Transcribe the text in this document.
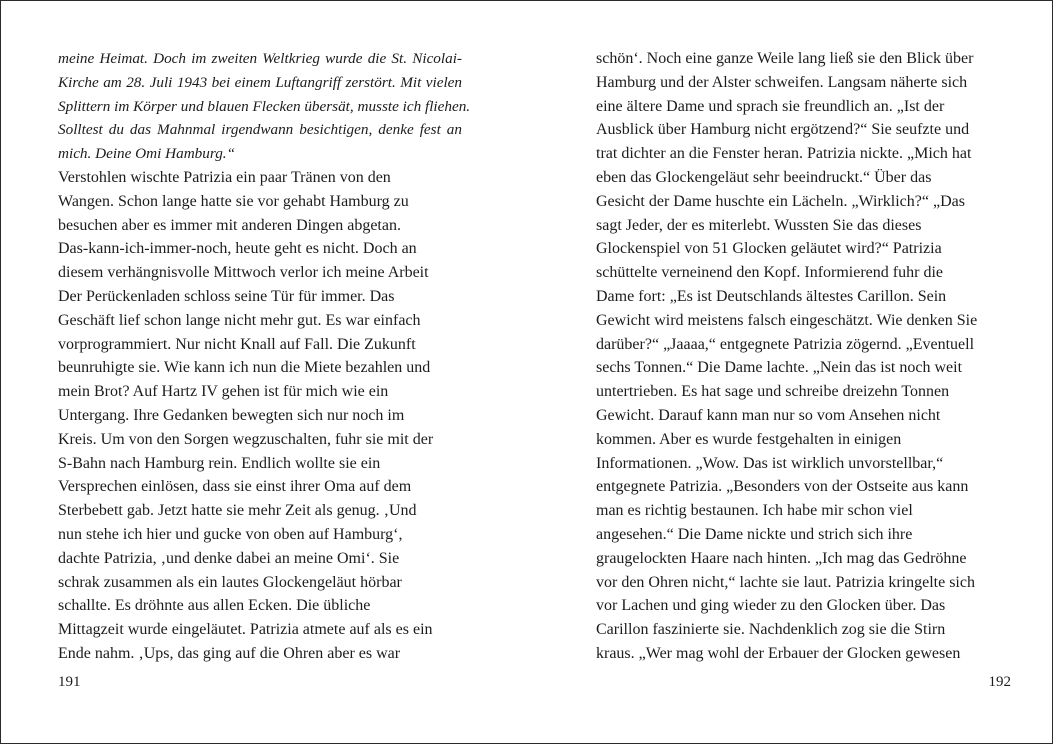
meine Heimat. Doch im zweiten Weltkrieg wurde die St. Nicolai-
Kirche am 28. Juli 1943 bei einem Luftangriff zerstört. Mit vielen
Splittern im Körper und blauen Flecken übersät, musste ich fliehen.
Solltest du das Mahnmal irgendwann besichtigen, denke fest an
mich. Deine Omi Hamburg.“
Verstohlen wischte Patrizia ein paar Tränen von den
Wangen. Schon lange hatte sie vor gehabt Hamburg zu
besuchen aber es immer mit anderen Dingen abgetan.
Das-kann-ich-immer-noch, heute geht es nicht. Doch an
diesem verhängnisvolle Mittwoch verlor ich meine Arbeit
Der Perückenladen schloss seine Tür für immer. Das
Geschäft lief schon lange nicht mehr gut. Es war einfach
vorprogrammiert. Nur nicht Knall auf Fall. Die Zukunft
beunruhigte sie. Wie kann ich nun die Miete bezahlen und
mein Brot? Auf Hartz IV gehen ist für mich wie ein
Untergang. Ihre Gedanken bewegten sich nur noch im
Kreis. Um von den Sorgen wegzuschalten, fuhr sie mit der
S-Bahn nach Hamburg rein. Endlich wollte sie ein
Versprechen einlösen, dass sie einst ihrer Oma auf dem
Sterbebett gab. Jetzt hatte sie mehr Zeit als genug. ‚Und
nun stehe ich hier und gucke von oben auf Hamburg‘,
dachte Patrizia, ‚und denke dabei an meine Omi‘. Sie
schrak zusammen als ein lautes Glockengeläut hörbar
schallte. Es dröhnte aus allen Ecken. Die übliche
Mittagzeit wurde eingeläutet. Patrizia atmete auf als es ein
Ende nahm. ‚Ups, das ging auf die Ohren aber es war
schön‘. Noch eine ganze Weile lang ließ sie den Blick über
Hamburg und der Alster schweifen. Langsam näherte sich
eine ältere Dame und sprach sie freundlich an. „Ist der
Ausblick über Hamburg nicht ergötzend?“ Sie seufzte und
trat dichter an die Fenster heran. Patrizia nickte. „Mich hat
eben das Glockengeläut sehr beeindruckt.“ Über das
Gesicht der Dame huschte ein Lächeln. „Wirklich?“ „Das
sagt Jeder, der es miterlebt. Wussten Sie das dieses
Glockenspiel von 51 Glocken geläutet wird?“ Patrizia
schüttelte verneinend den Kopf. Informierend fuhr die
Dame fort: „Es ist Deutschlands ältestes Carillon. Sein
Gewicht wird meistens falsch eingeschätzt. Wie denken Sie
darüber?“ „Jaaaa,“ entgegnete Patrizia zögernd. „Eventuell
sechs Tonnen.“ Die Dame lachte. „Nein das ist noch weit
untertrieben. Es hat sage und schreibe dreizehn Tonnen
Gewicht. Darauf kann man nur so vom Ansehen nicht
kommen. Aber es wurde festgehalten in einigen
Informationen. „Wow. Das ist wirklich unvorstellbar,“
entgegnete Patrizia. „Besonders von der Ostseite aus kann
man es richtig bestaunen. Ich habe mir schon viel
angesehen.“ Die Dame nickte und strich sich ihre
graugelockten Haare nach hinten. „Ich mag das Gedröhne
vor den Ohren nicht,“ lachte sie laut. Patrizia kringelte sich
vor Lachen und ging wieder zu den Glocken über. Das
Carillon faszinierte sie. Nachdenklich zog sie die Stirn
kraus. „Wer mag wohl der Erbauer der Glocken gewesen
191	192
